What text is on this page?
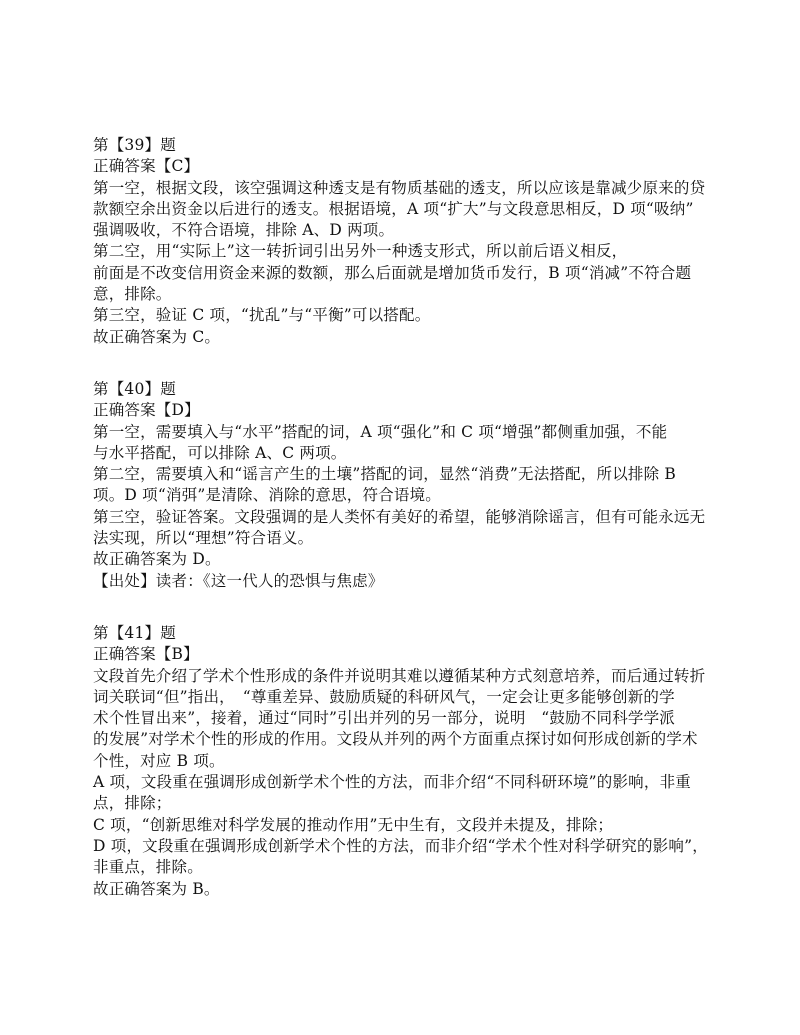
第【39】题
正确答案【C】
第一空，根据文段，该空强调这种透支是有物质基础的透支，所以应该是靠减少原来的贷
款额空余出资金以后进行的透支。根据语境，A 项“扩大”与文段意思相反，D 项“吸纳”
强调吸收，不符合语境，排除 A、D 两项。
第二空，用“实际上”这一转折词引出另外一种透支形式，所以前后语义相反，
前面是不改变信用资金来源的数额，那么后面就是增加货币发行，B 项“消减”不符合题
意，排除。
第三空，验证 C 项，“扰乱”与“平衡”可以搭配。
故正确答案为 C。
第【40】题
正确答案【D】
第一空，需要填入与“水平”搭配的词，A 项“强化”和 C 项“增强”都侧重加强，不能
与水平搭配，可以排除 A、C 两项。
第二空，需要填入和“谣言产生的土壤”搭配的词，显然“消费”无法搭配，所以排除 B
项。D 项“消弭”是清除、消除的意思，符合语境。
第三空，验证答案。文段强调的是人类怀有美好的希望，能够消除谣言，但有可能永远无
法实现，所以“理想”符合语义。
故正确答案为 D。
【出处】读者：《这一代人的恐惧与焦虑》
第【41】题
正确答案【B】
文段首先介绍了学术个性形成的条件并说明其难以遵循某种方式刻意培养，而后通过转折
词关联词“但”指出，　“尊重差异、鼓励质疑的科研风气，一定会让更多能够创新的学
术个性冒出来”，接着，通过“同时”引出并列的另一部分，说明　“鼓励不同科学学派
的发展”对学术个性的形成的作用。文段从并列的两个方面重点探讨如何形成创新的学术
个性，对应 B 项。
A 项，文段重在强调形成创新学术个性的方法，而非介绍“不同科研环境”的影响，非重
点，排除；
C 项，“创新思维对科学发展的推动作用”无中生有，文段并未提及，排除；
D 项，文段重在强调形成创新学术个性的方法，而非介绍“学术个性对科学研究的影响”，
非重点，排除。
故正确答案为 B。
